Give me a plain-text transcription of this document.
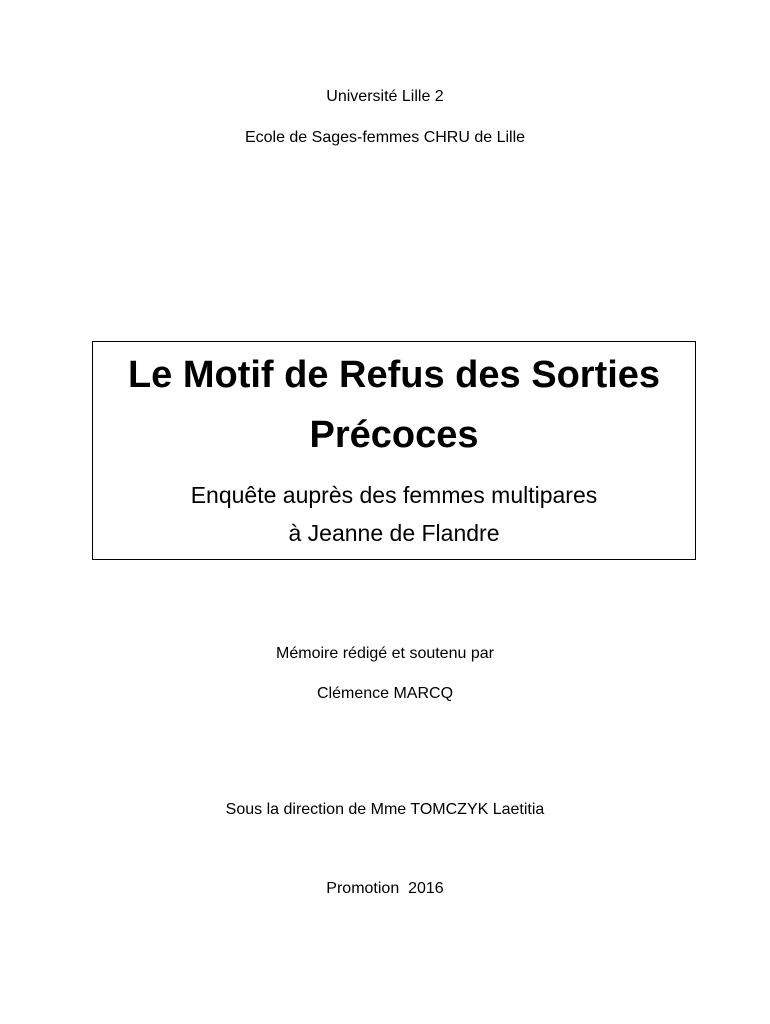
Université Lille 2
Ecole de Sages-femmes CHRU de Lille
Le Motif de Refus des Sorties
Précoces
Enquête auprès des femmes multipares
à Jeanne de Flandre
Mémoire rédigé et soutenu par
Clémence MARCQ
Sous la direction de Mme TOMCZYK Laetitia
Promotion  2016
